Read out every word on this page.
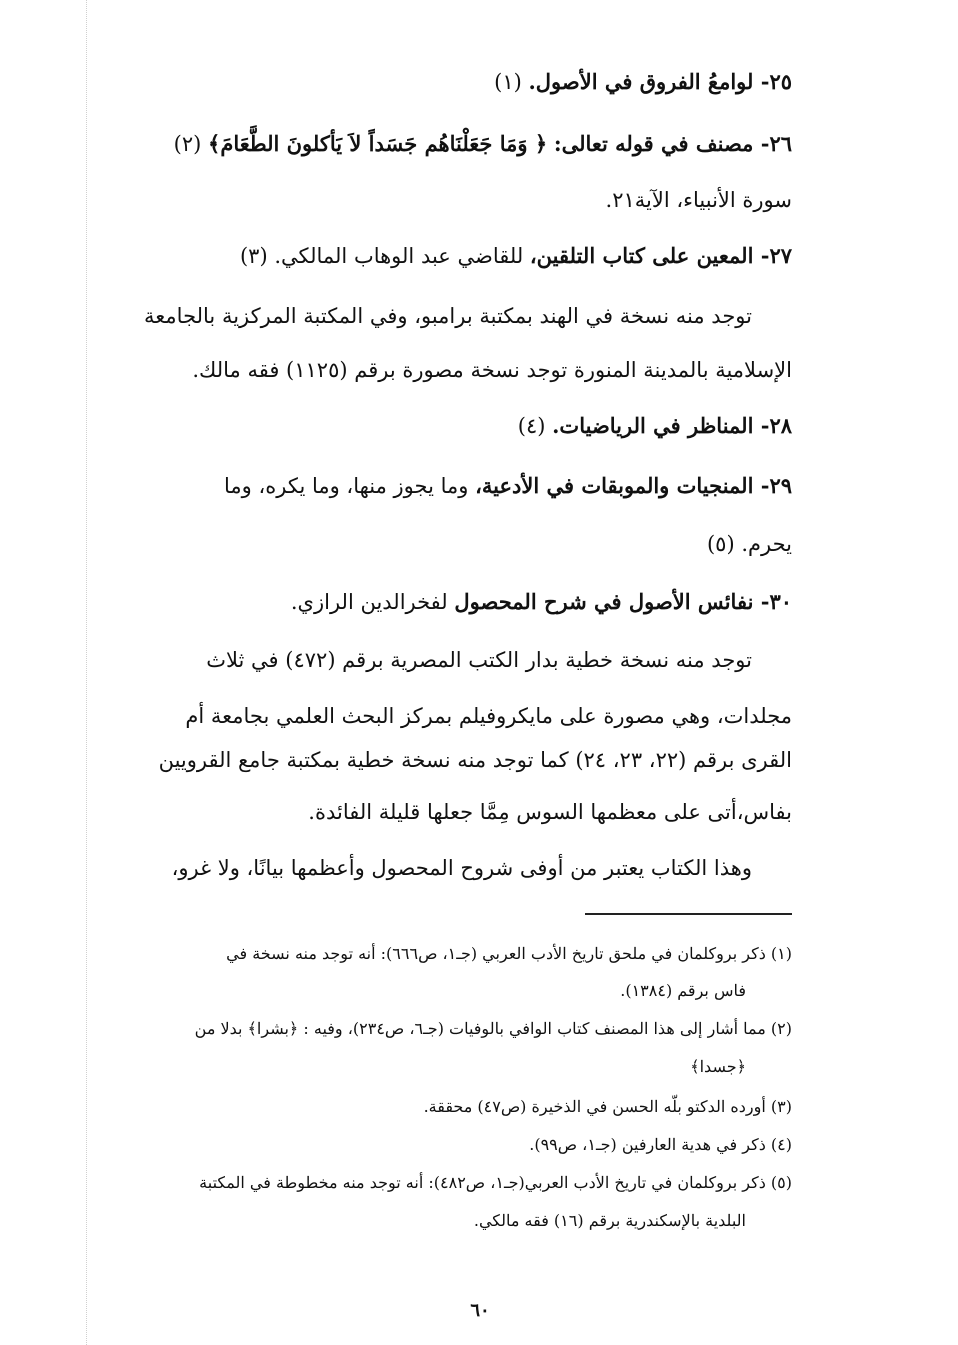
٢٥- لوامعُ الفروق في الأصول. (١)
٢٦- مصنف في قوله تعالى: ﴿ وَمَا جَعَلْنَاهُم جَسَداً لاَ يَأكلونَ الطَّعَامَ﴾ (٢)
سورة الأنبياء، الآية٢١.
٢٧- المعين على كتاب التلقين، للقاضي عبد الوهاب المالكي. (٣)
توجد منه نسخة في الهند بمكتبة برامبو، وفي المكتبة المركزية بالجامعة
الإسلامية بالمدينة المنورة توجد نسخة مصورة برقم (١١٢٥) فقه مالك.
٢٨- المناظر في الرياضيات. (٤)
٢٩- المنجيات والموبقات في الأدعية، وما يجوز منها، وما يكره، وما
يحرم. (٥)
٣٠- نفائس الأصول في شرح المحصول لفخرالدين الرازي.
توجد منه نسخة خطية بدار الكتب المصرية برقم (٤٧٢) في ثلاث
مجلدات، وهي مصورة على مايكروفيلم بمركز البحث العلمي بجامعة أم
القرى برقم (٢٢، ٢٣، ٢٤) كما توجد منه نسخة خطية بمكتبة جامع القرويين
بفاس،أتى على معظمها السوس مِمَّا جعلها قليلة الفائدة.
وهذا الكتاب يعتبر من أوفى شروح المحصول وأعظمها بيانًا، ولا غرو،
(١) ذكر بروكلمان في ملحق تاريخ الأدب العربي (جـ١، ص٦٦٦): أنه توجد منه نسخة في
فاس برقم (١٣٨٤).
(٢) مما أشار إلى هذا المصنف كتاب الوافي بالوفيات (جـ٦، ص٢٣٤)، وفيه : ﴿بشرا﴾ بدلا من
﴿جسدا﴾
(٣) أورده الدكتو بلّه الحسن في الذخيرة (ص٤٧) محققة.
(٤) ذكر في هدية العارفين (جـ١، ص٩٩).
(٥) ذكر بروكلمان في تاريخ الأدب العربي(جـ١، ص٤٨٢): أنه توجد منه مخطوطة في المكتبة
البلدية بالإسكندرية برقم (١٦) فقه مالكي.
٦٠
